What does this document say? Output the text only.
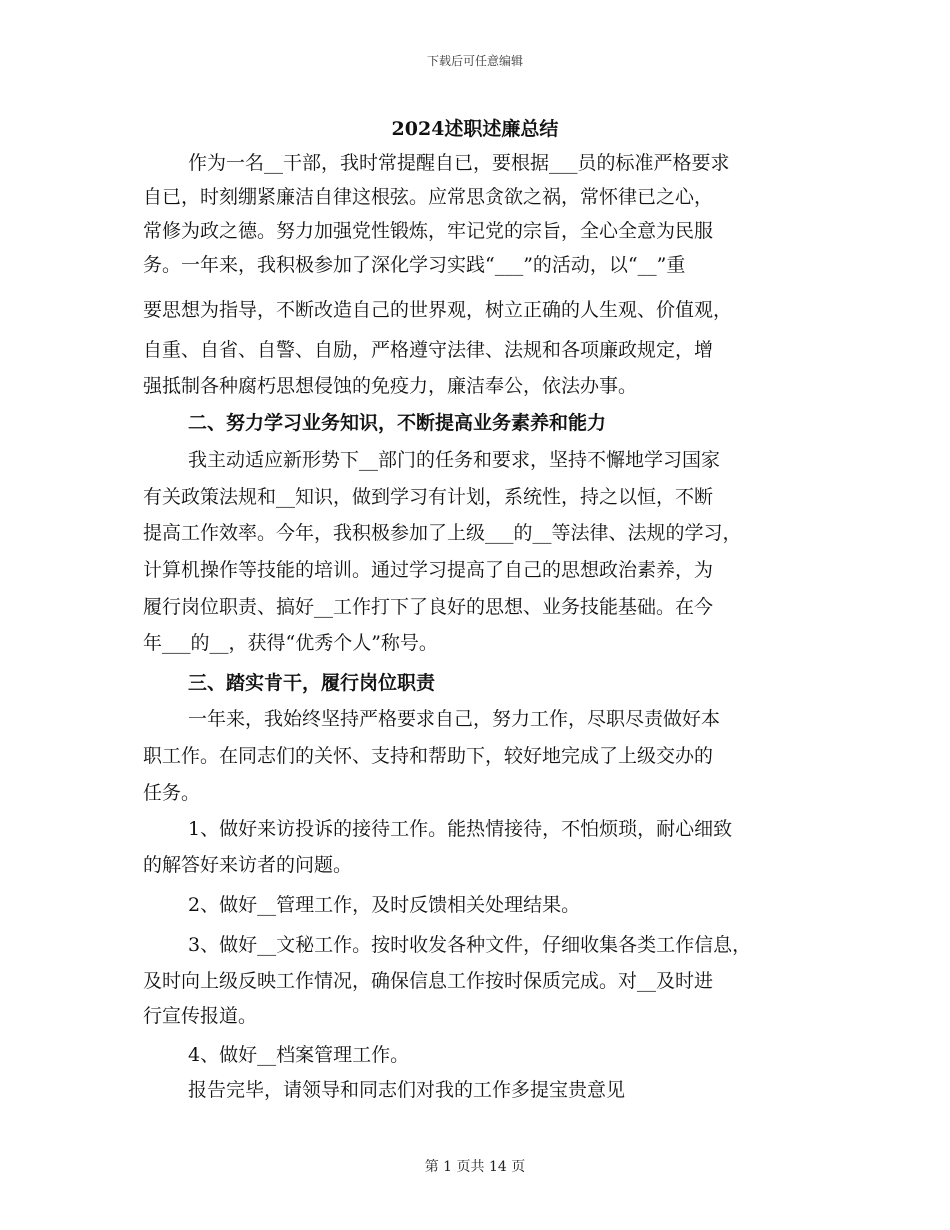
下载后可任意编辑
2024述职述廉总结
作为一名__干部，我时常提醒自已，要根据___员的标准严格要求
自已，时刻绷紧廉洁自律这根弦。应常思贪欲之祸，常怀律已之心，
常修为政之德。努力加强党性锻炼，牢记党的宗旨，全心全意为民服
务。一年来，我积极参加了深化学习实践“___”的活动，以“__”重
要思想为指导，不断改造自己的世界观，树立正确的人生观、价值观，
自重、自省、自警、自励，严格遵守法律、法规和各项廉政规定，增
强抵制各种腐朽思想侵蚀的免疫力，廉洁奉公，依法办事。
二、努力学习业务知识，不断提高业务素养和能力
我主动适应新形势下__部门的任务和要求，坚持不懈地学习国家
有关政策法规和__知识，做到学习有计划，系统性，持之以恒，不断
提高工作效率。今年，我积极参加了上级___的__等法律、法规的学习，
计算机操作等技能的培训。通过学习提高了自己的思想政治素养，为
履行岗位职责、搞好__工作打下了良好的思想、业务技能基础。在今
年___的__，获得“优秀个人”称号。
三、踏实肯干，履行岗位职责
一年来，我始终坚持严格要求自己，努力工作，尽职尽责做好本
职工作。在同志们的关怀、支持和帮助下，较好地完成了上级交办的
任务。
1、做好来访投诉的接待工作。能热情接待，不怕烦琐，耐心细致
的解答好来访者的问题。
2、做好__管理工作，及时反馈相关处理结果。
3、做好__文秘工作。按时收发各种文件，仔细收集各类工作信息，
及时向上级反映工作情况，确保信息工作按时保质完成。对__及时进
行宣传报道。
4、做好__档案管理工作。
报告完毕，请领导和同志们对我的工作多提宝贵意见
第 1 页共 14 页
